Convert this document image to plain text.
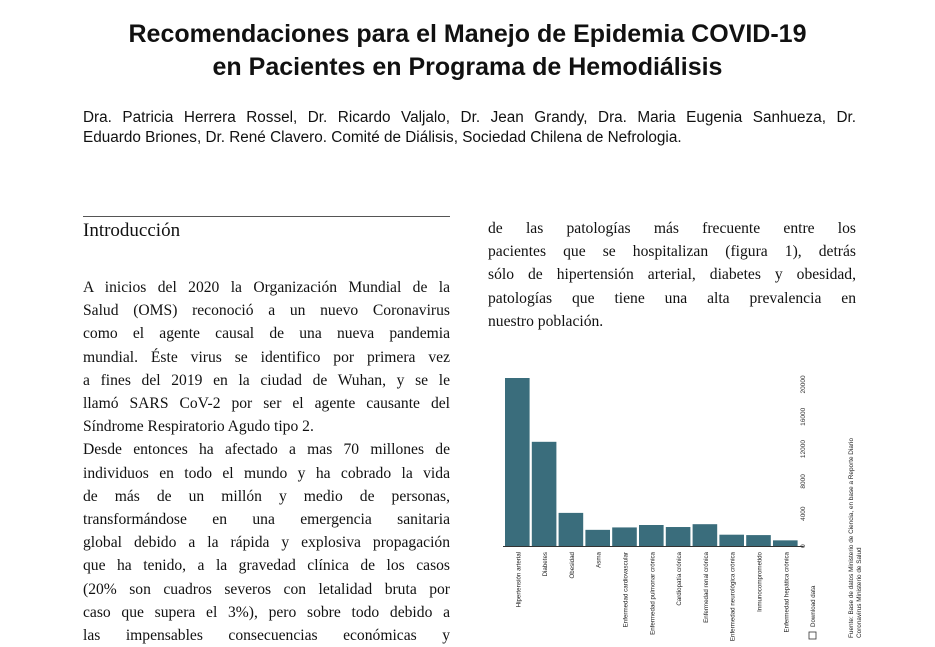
Recomendaciones para el Manejo de Epidemia COVID-19
en Pacientes en Programa de Hemodiálisis
Dra. Patricia Herrera Rossel, Dr. Ricardo Valjalo, Dr. Jean Grandy, Dra. Maria Eugenia Sanhueza, Dr.
Eduardo Briones, Dr. René Clavero. Comité de Diálisis, Sociedad Chilena de Nefrologia.
Introducción
A inicios del 2020 la Organización Mundial de la
Salud (OMS) reconoció a un nuevo Coronavirus
como el agente causal de una nueva pandemia
mundial. Éste virus se identifico por primera vez
a fines del 2019 en la ciudad de Wuhan, y se le
llamó SARS CoV-2 por ser el agente causante del
Síndrome Respiratorio Agudo tipo 2.
Desde entonces ha afectado a mas 70 millones de
individuos en todo el mundo y ha cobrado la vida
de más de un millón y medio de personas,
transformándose en una emergencia sanitaria
global debido a la rápida y explosiva propagación
que ha tenido, a la gravedad clínica de los casos
(20% son cuadros severos con letalidad bruta por
caso que supera el 3%), pero sobre todo debido a
las impensables consecuencias económicas y
de las patologías más frecuente entre los
pacientes que se hospitalizan (figura 1), detrás
sólo de hipertensión arterial, diabetes y obesidad,
patologías que tiene una alta prevalencia en
nuestro población.
Hipertensión arterial	Diabetes	Obesidad	Asma	Enfermedad cardiovascular	Enfermedad pulmonar crónica	Cardiopatía crónica	Enfermedad renal crónica	Enfermedad neurológica crónica	Inmunocomprometido	Enfermedad hepática crónica
0
4000
8000
12000
16000
20000
Download data	Fuente: Base de datos Ministerio de Ciencia, en base a Reporte Diario Coronavirus Ministerio de Salud
